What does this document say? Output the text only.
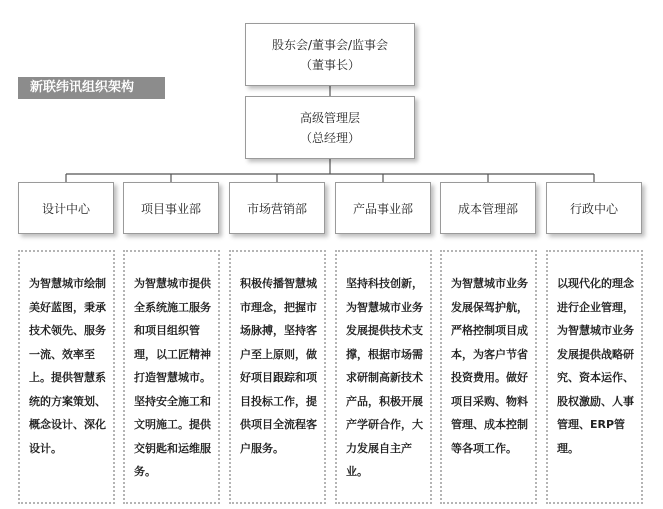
新联纬讯组织架构
股东会/董事会/监事会
（董事长）
高级管理层
（总经理）
设计中心	项目事业部	市场营销部	产品事业部	成本管理部	行政中心
为智慧城市绘制美好蓝图，秉承技术领先、服务一流、效率至上。提供智慧系统的方案策划、概念设计、深化设计。
为智慧城市提供全系统施工服务和项目组织管理，以工匠精神打造智慧城市。坚持安全施工和文明施工。提供交钥匙和运维服务。
积极传播智慧城市理念，把握市场脉搏，坚持客户至上原则，做好项目跟踪和项目投标工作，提供项目全流程客户服务。
坚持科技创新，为智慧城市业务发展提供技术支撑，根据市场需求研制高新技术产品，积极开展产学研合作，大力发展自主产业。
为智慧城市业务发展保驾护航，严格控制项目成本，为客户节省投资费用。做好项目采购、物料管理、成本控制等各项工作。
以现代化的理念进行企业管理，为智慧城市业务发展提供战略研究、资本运作、股权激励、人事管理、ERP管理。
